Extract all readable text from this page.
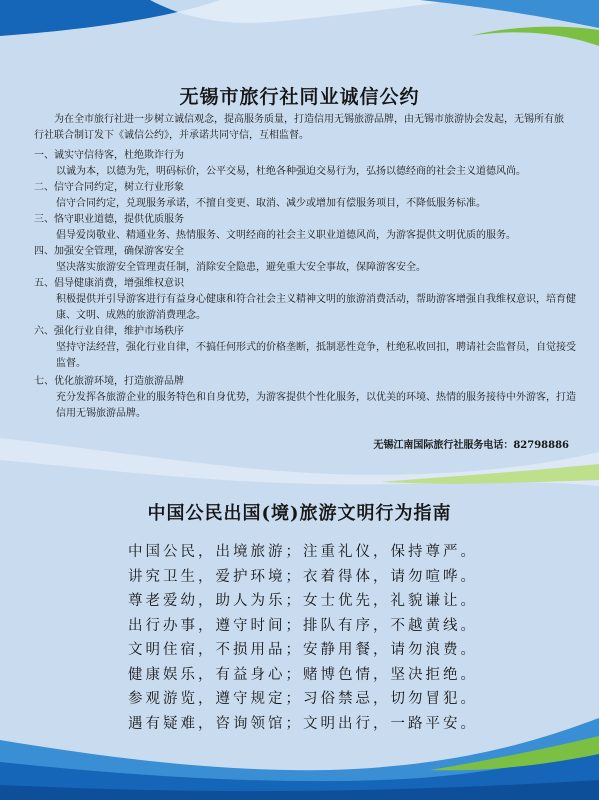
无锡市旅行社同业诚信公约

为在全市旅行社进一步树立诚信观念，提高服务质量，打造信用无锡旅游品牌，由无锡市旅游协会发起，无锡所有旅行社联合制订发下《诚信公约》，并承诺共同守信，互相监督。

一、诚实守信待客，杜绝欺诈行为

以诚为本，以德为先，明码标价，公平交易，杜绝各种强迫交易行为，弘扬以德经商的社会主义道德风尚。

二、信守合同约定，树立行业形象

信守合同约定，兑现服务承诺，不擅自变更、取消、减少或增加有偿服务项目，不降低服务标准。

三、恪守职业道德，提供优质服务

倡导爱岗敬业、精通业务、热情服务、文明经商的社会主义职业道德风尚，为游客提供文明优质的服务。

四、加强安全管理，确保游客安全

坚决落实旅游安全管理责任制，消除安全隐患，避免重大安全事故，保障游客安全。

五、倡导健康消费，增强维权意识

积极提供并引导游客进行有益身心健康和符合社会主义精神文明的旅游消费活动，帮助游客增强自我维权意识，培育健康、文明、成熟的旅游消费理念。

六、强化行业自律，维护市场秩序

坚持守法经营，强化行业自律，不搞任何形式的价格垄断，抵制恶性竞争，杜绝私收回扣，聘请社会监督员，自觉接受监督。

七、优化旅游环境，打造旅游品牌

充分发挥各旅游企业的服务特色和自身优势，为游客提供个性化服务，以优美的环境、热情的服务接待中外游客，打造信用无锡旅游品牌。

无锡江南国际旅行社服务电话：82798886

中国公民出国(境)旅游文明行为指南
中国公民，出境旅游；注重礼仪，保持尊严。
讲究卫生，爱护环境；衣着得体，请勿喧哗。
尊老爱幼，助人为乐；女士优先，礼貌谦让。
出行办事，遵守时间；排队有序，不越黄线。
文明住宿，不损用品；安静用餐，请勿浪费。
健康娱乐，有益身心；赌博色情，坚决拒绝。
参观游览，遵守规定；习俗禁忌，切勿冒犯。
遇有疑难，咨询领馆；文明出行，一路平安。
